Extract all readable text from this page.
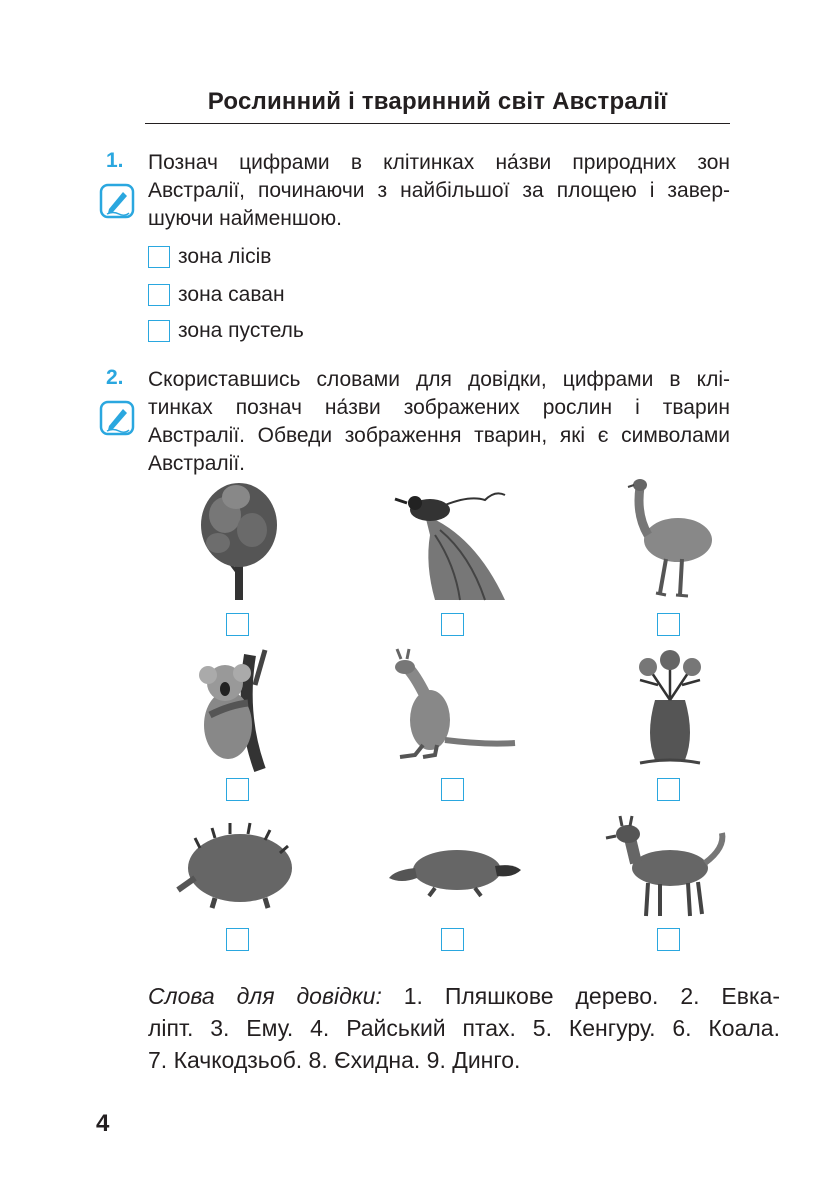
Рослинний і тваринний світ Австралії
1. Познач цифрами в клітинках на́зви природних зон
Австралії, починаючи з найбільшої за площею і завер-
шуючи найменшою.
зона лісів
зона саван
зона пустель
2. Скориставшись словами для довідки, цифрами в клі-
тинках познач на́зви зображених рослин і тварин
Австралії. Обведи зображення тварин, які є символами
Австралії.
Слова для довідки: 1. Пляшкове дерево. 2. Евка-
ліпт. 3. Ему. 4. Райський птах. 5. Кенгуру. 6. Коала.
7. Качкодзьоб. 8. Єхидна. 9. Динго.
4
